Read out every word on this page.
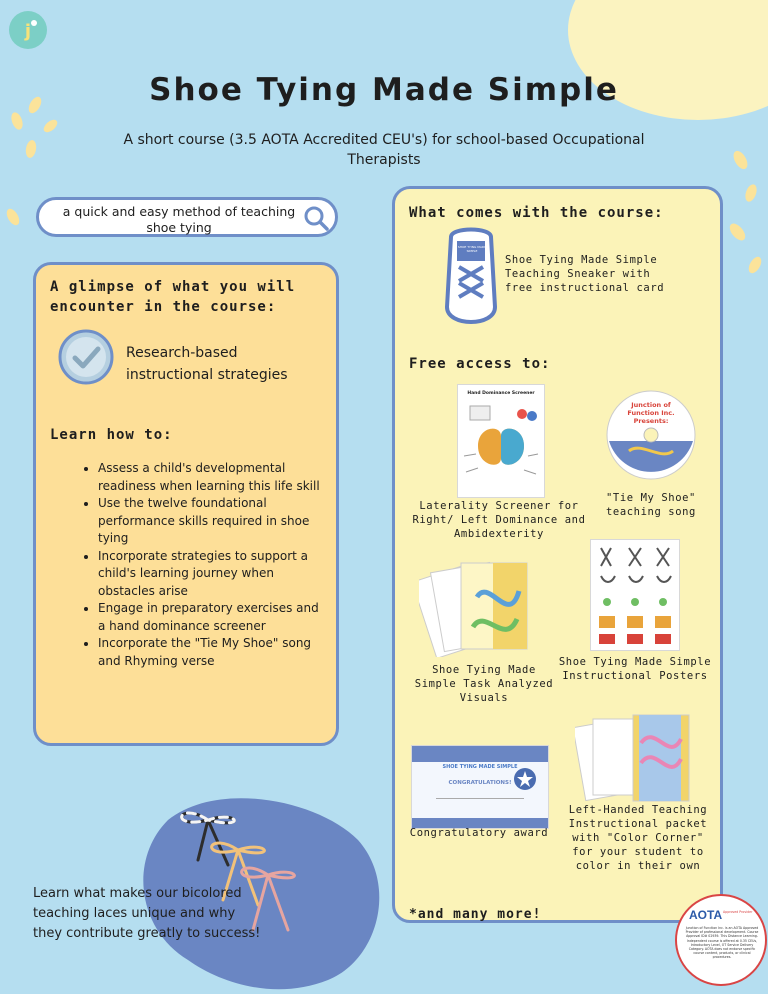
j
Shoe Tying Made Simple
A short course (3.5 AOTA Accredited CEU's) for school-based Occupational Therapists
a quick and easy method of teaching shoe tying
A glimpse of what you will encounter in the course:
Research-based instructional strategies
Learn how to:
• Assess a child's developmental readiness when learning this life skill
• Use the twelve foundational performance skills required in shoe tying
• Incorporate strategies to support a child's learning journey when obstacles arise
• Engage in preparatory exercises and a hand dominance screener
• Incorporate the "Tie My Shoe" song and Rhyming verse
Learn what makes our bicolored teaching laces unique and why they contribute greatly to success!
What comes with the course:
SHOE TYING MADE SIMPLE
Shoe Tying Made Simple Teaching Sneaker with free instructional card
Free access to:
Hand Dominance Screener
Laterality Screener for Right/ Left Dominance and Ambidexterity
Junction of Function Inc. Presents:
"Tie My Shoe" teaching song
Shoe Tying Made Simple Task Analyzed Visuals
Shoe Tying Made Simple Instructional Posters
SHOE TYING MADE SIMPLE
CONGRATULATIONS!
Congratulatory award
Left-Handed Teaching Instructional packet with "Color Corner" for your student to color in their own
*and many more!	AOTA Approved Provider
Junction of Function Inc. is an AOTA Approved Provider of professional development. Course Approval ID# 02939. This Distance Learning-Independent course is offered at 0.35 CEUs, Introductory Level, OT Service Delivery Category. AOTA does not endorse specific course content, products, or clinical procedures.
